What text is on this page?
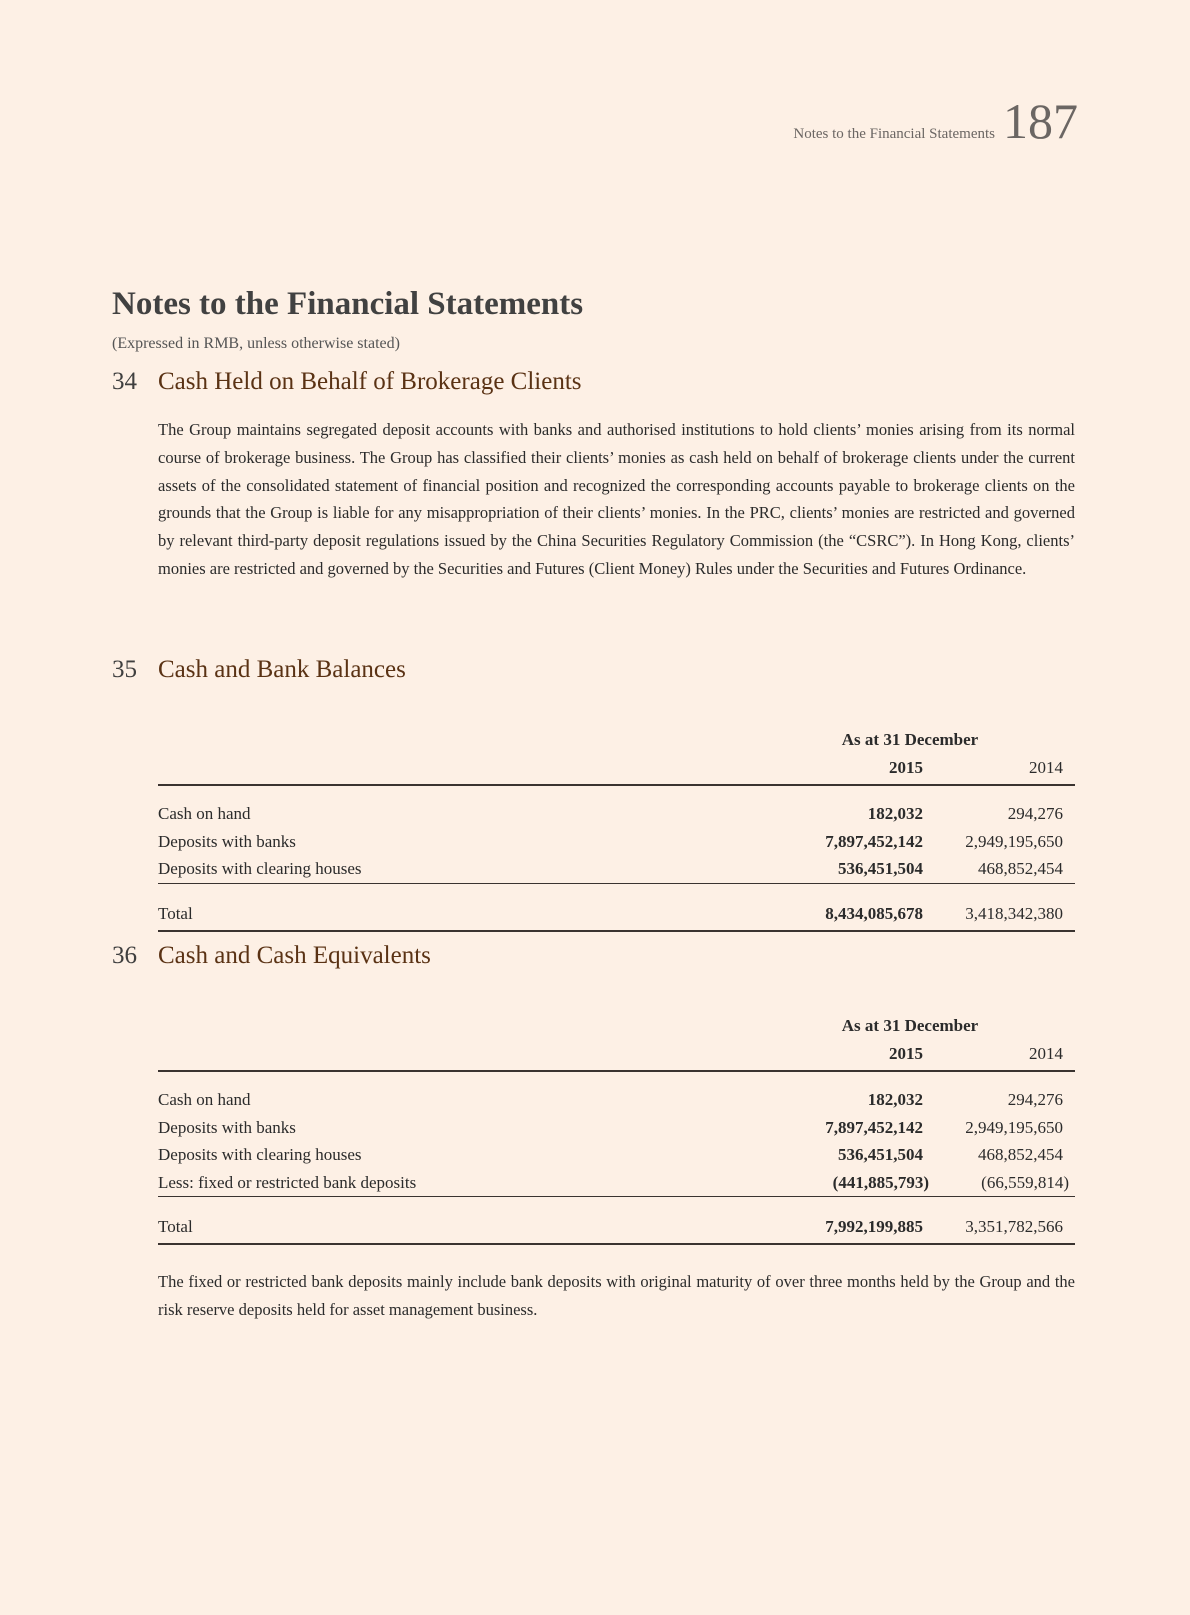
Notes to the Financial Statements 187
Notes to the Financial Statements
(Expressed in RMB, unless otherwise stated)
34 Cash Held on Behalf of Brokerage Clients

The Group maintains segregated deposit accounts with banks and authorised institutions to hold clients’ monies arising from its normal course of brokerage business. The Group has classified their clients’ monies as cash held on behalf of brokerage clients under the current assets of the consolidated statement of financial position and recognized the corresponding accounts payable to brokerage clients on the grounds that the Group is liable for any misappropriation of their clients’ monies. In the PRC, clients’ monies are restricted and governed by relevant third-party deposit regulations issued by the China Securities Regulatory Commission (the “CSRC”). In Hong Kong, clients’ monies are restricted and governed by the Securities and Futures (Client Money) Rules under the Securities and Futures Ordinance.

35 Cash and Bank Balances
As at 31 December
2015	2014
Cash on hand	182,032	294,276
Deposits with banks	7,897,452,142	2,949,195,650
Deposits with clearing houses	536,451,504	468,852,454
Total	8,434,085,678	3,418,342,380
36 Cash and Cash Equivalents
As at 31 December
2015	2014
Cash on hand	182,032	294,276
Deposits with banks	7,897,452,142	2,949,195,650
Deposits with clearing houses	536,451,504	468,852,454
Less: fixed or restricted bank deposits	(441,885,793)	(66,559,814)
Total	7,992,199,885	3,351,782,566

The fixed or restricted bank deposits mainly include bank deposits with original maturity of over three months held by the Group and the risk reserve deposits held for asset management business.
